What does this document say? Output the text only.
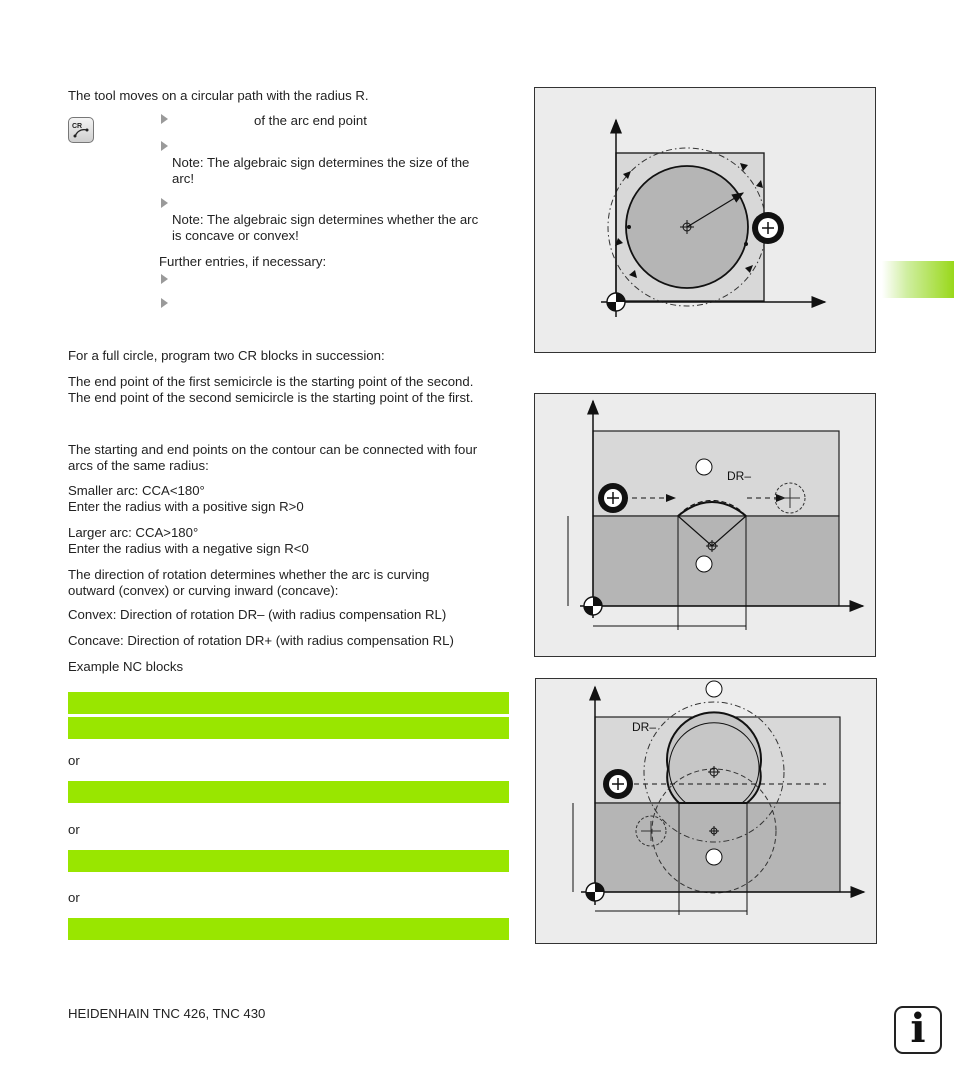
The tool moves on a circular path with the radius R.
CR	of the arc end point
Note: The algebraic sign determines the size of the
arc!
Note: The algebraic sign determines whether the arc
is concave or convex!
Further entries, if necessary:
For a full circle, program two CR blocks in succession:
The end point of the first semicircle is the starting point of the second.
The end point of the second semicircle is the starting point of the first.
The starting and end points on the contour can be connected with four
arcs of the same radius:
Smaller arc: CCA<180°
Enter the radius with a positive sign R>0
Larger arc: CCA>180°
Enter the radius with a negative sign R<0
The direction of rotation determines whether the arc is curving
outward (convex) or curving inward (concave):
Convex: Direction of rotation DR– (with radius compensation RL)
Concave: Direction of rotation DR+ (with radius compensation RL)
Example NC blocks
or
or
or
HEIDENHAIN TNC 426, TNC 430	i
DR–
DR–
